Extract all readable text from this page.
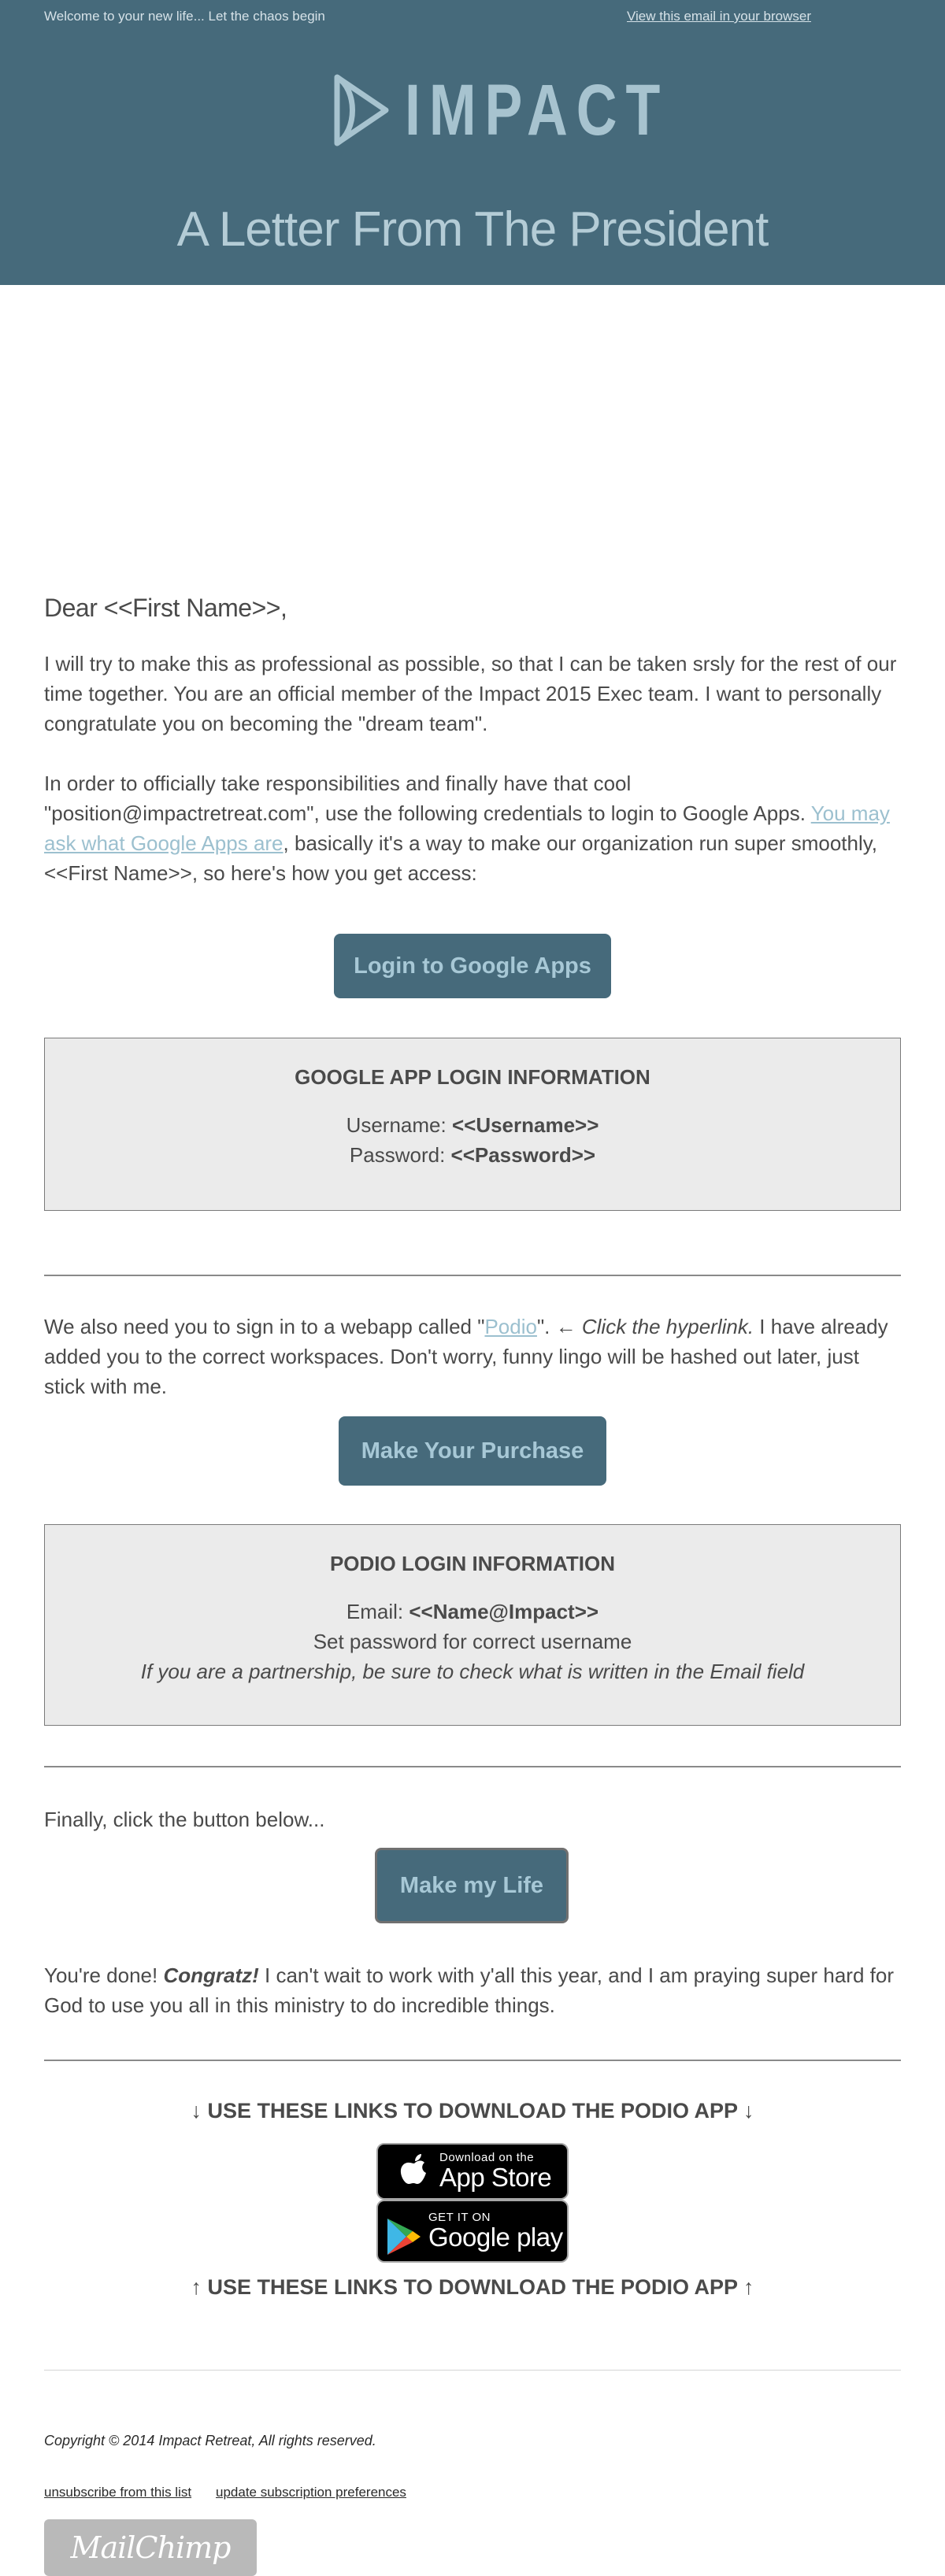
Welcome to your new life... Let the chaos begin	View this email in your browser
IMPACT
A Letter From The President
Dear <<First Name>>,
I will try to make this as professional as possible, so that I can be taken srsly for the rest of our time together. You are an official member of the Impact 2015 Exec team. I want to personally congratulate you on becoming the "dream team".
In order to officially take responsibilities and finally have that cool "position@impactretreat.com", use the following credentials to login to Google Apps. You may ask what Google Apps are, basically it's a way to make our organization run super smoothly, <<First Name>>, so here's how you get access:
Login to Google Apps
GOOGLE APP LOGIN INFORMATION
Username: <<Username>>
Password: <<Password>>
We also need you to sign in to a webapp called "Podio". ← Click the hyperlink. I have already added you to the correct workspaces. Don't worry, funny lingo will be hashed out later, just stick with me.
Make Your Purchase
PODIO LOGIN INFORMATION
Email: <<Name@Impact>>
Set password for correct username
If you are a partnership, be sure to check what is written in the Email field
Finally, click the button below...
Make my Life
You're done! Congratz! I can't wait to work with y'all this year, and I am praying super hard for God to use you all in this ministry to do incredible things.
↓ USE THESE LINKS TO DOWNLOAD THE PODIO APP ↓
Download on the
App Store
GET IT ON
Google play
↑ USE THESE LINKS TO DOWNLOAD THE PODIO APP ↑
Copyright © 2014 Impact Retreat, All rights reserved.
unsubscribe from this list update subscription preferences
MailChimp
